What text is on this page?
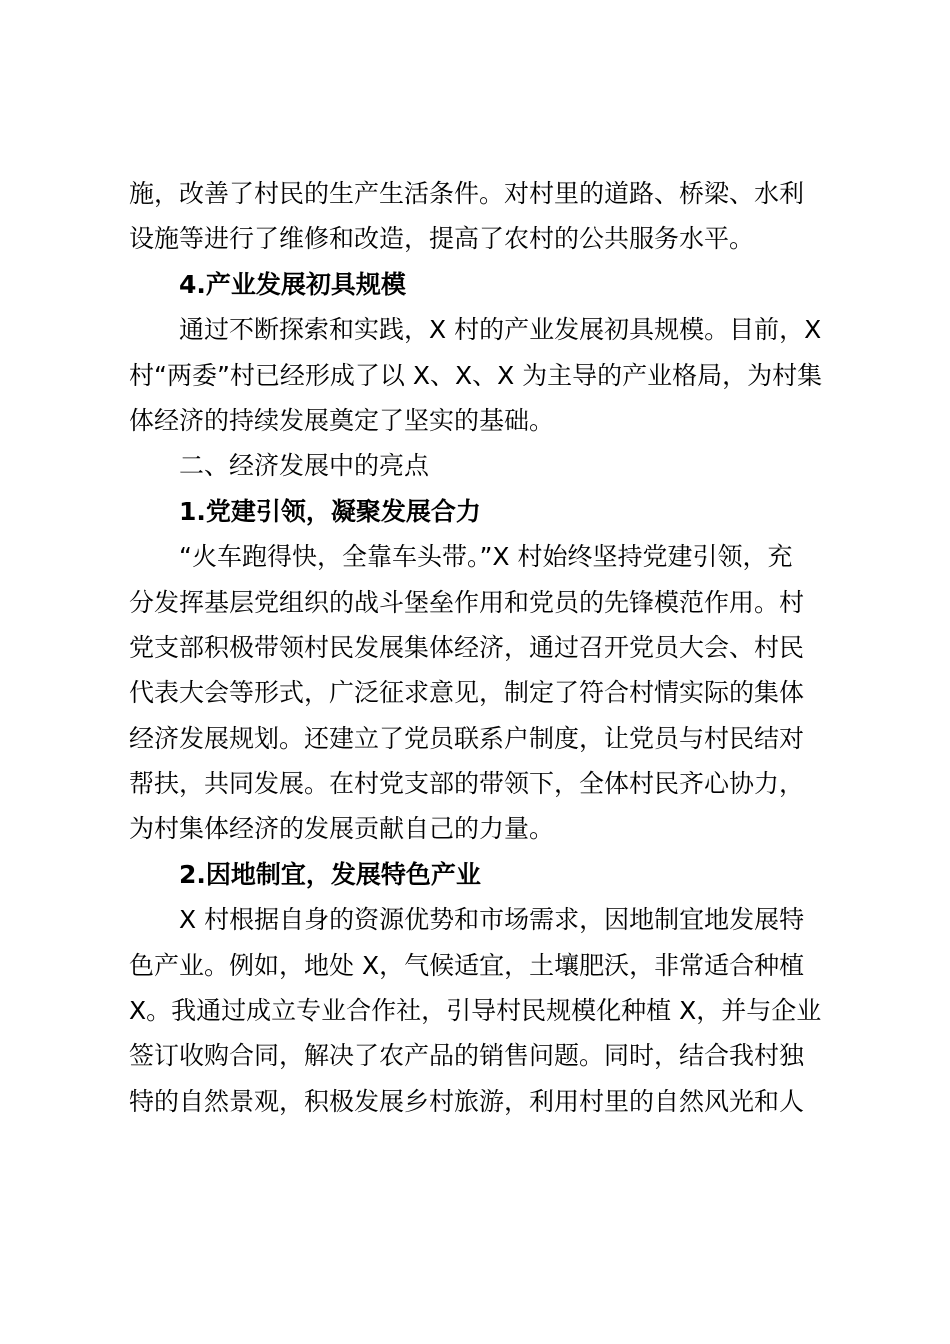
施，改善了村民的生产生活条件。对村里的道路、桥梁、水利
设施等进行了维修和改造，提高了农村的公共服务水平。
4.产业发展初具规模
通过不断探索和实践，X 村的产业发展初具规模。目前，X
村“两委”村已经形成了以 X、X、X 为主导的产业格局，为村集
体经济的持续发展奠定了坚实的基础。
二、经济发展中的亮点
1.党建引领，凝聚发展合力
“火车跑得快，全靠车头带。”X 村始终坚持党建引领，充
分发挥基层党组织的战斗堡垒作用和党员的先锋模范作用。村
党支部积极带领村民发展集体经济，通过召开党员大会、村民
代表大会等形式，广泛征求意见，制定了符合村情实际的集体
经济发展规划。还建立了党员联系户制度，让党员与村民结对
帮扶，共同发展。在村党支部的带领下，全体村民齐心协力，
为村集体经济的发展贡献自己的力量。
2.因地制宜，发展特色产业
X 村根据自身的资源优势和市场需求，因地制宜地发展特
色产业。例如，地处 X，气候适宜，土壤肥沃，非常适合种植
X。我通过成立专业合作社，引导村民规模化种植 X，并与企业
签订收购合同，解决了农产品的销售问题。同时，结合我村独
特的自然景观，积极发展乡村旅游，利用村里的自然风光和人
